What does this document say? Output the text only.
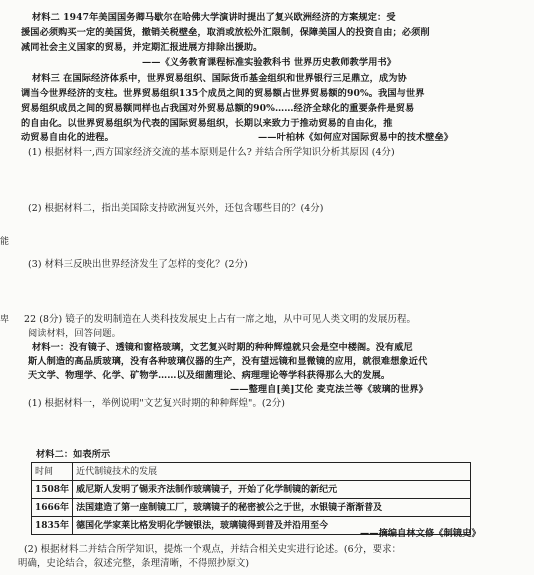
材料二 1947年美国国务卿马歇尔在哈佛大学演讲时提出了复兴欧洲经济的方案规定：受
援国必须购买一定的美国货，撤销关税壁垒，取消或放松外汇限制，保障美国人的投资自由；必须削
减同社会主义国家的贸易，并定期汇报进展方排除出援助。
——《义务教育课程标准实验教科书 世界历史教师教学用书》
材料三 在国际经济体系中，世界贸易组织、国际货币基金组织和世界银行三足鼎立，成为协
调当今世界经济的支柱。世界贸易组织135个成员之间的贸易额占世界贸易额的90%。我国与世界
贸易组织成员之间的贸易额同样也占我国对外贸易总额的90%……经济全球化的重要条件是贸易
的自由化。以世界贸易组织为代表的国际贸易组织，长期以来致力于推动贸易的自由化，推
动贸易自由化的进程。	——叶柏林《如何应对国际贸易中的技术壁垒》
(1) 根据材料一,西方国家经济交流的基本原则是什么? 并结合所学知识分析其原因 (4分)
(2) 根据材料二，指出美国除支持欧洲复兴外，还包含哪些目的？(4分)
(3) 材料三反映出世界经济发生了怎样的变化？(2分)
能
卑 22 (8分) 镜子的发明制造在人类科技发展史上占有一席之地，从中可见人类文明的发展历程。
阅读材料，回答问题。
材料一：没有镜子、透镜和窗格玻璃，文艺复兴时期的种种辉煌就只会是空中楼阁。没有威尼
斯人制造的高品质玻璃，没有各种玻璃仪器的生产，没有望远镜和显微镜的应用，就很难想象近代
天文学、物理学、化学、矿物学……以及细菌理论、病理理论等学科获得那么大的发展。
——整理自[美]艾伦 麦克法兰等《玻璃的世界》
(1) 根据材料一，举例说明"文艺复兴时期的种种辉煌"。(2分)
材料二：如表所示
时间	近代制镜技术的发展
1508年	威尼斯人发明了锡汞齐法制作玻璃镜子，开始了化学制镜的新纪元
1666年	法国建造了第一座制镜工厂，玻璃镜子的秘密被公之于世，水银镜子渐渐普及
1835年	德国化学家莱比格发明化学镀银法，玻璃镜得到普及并沿用至今
——摘编自林文修《制镜史》
(2) 根据材料二并结合所学知识，提炼一个观点，并结合相关史实进行论述。(6分，要求：
明确，史论结合，叙述完整，条理清晰，不得照抄原文)
